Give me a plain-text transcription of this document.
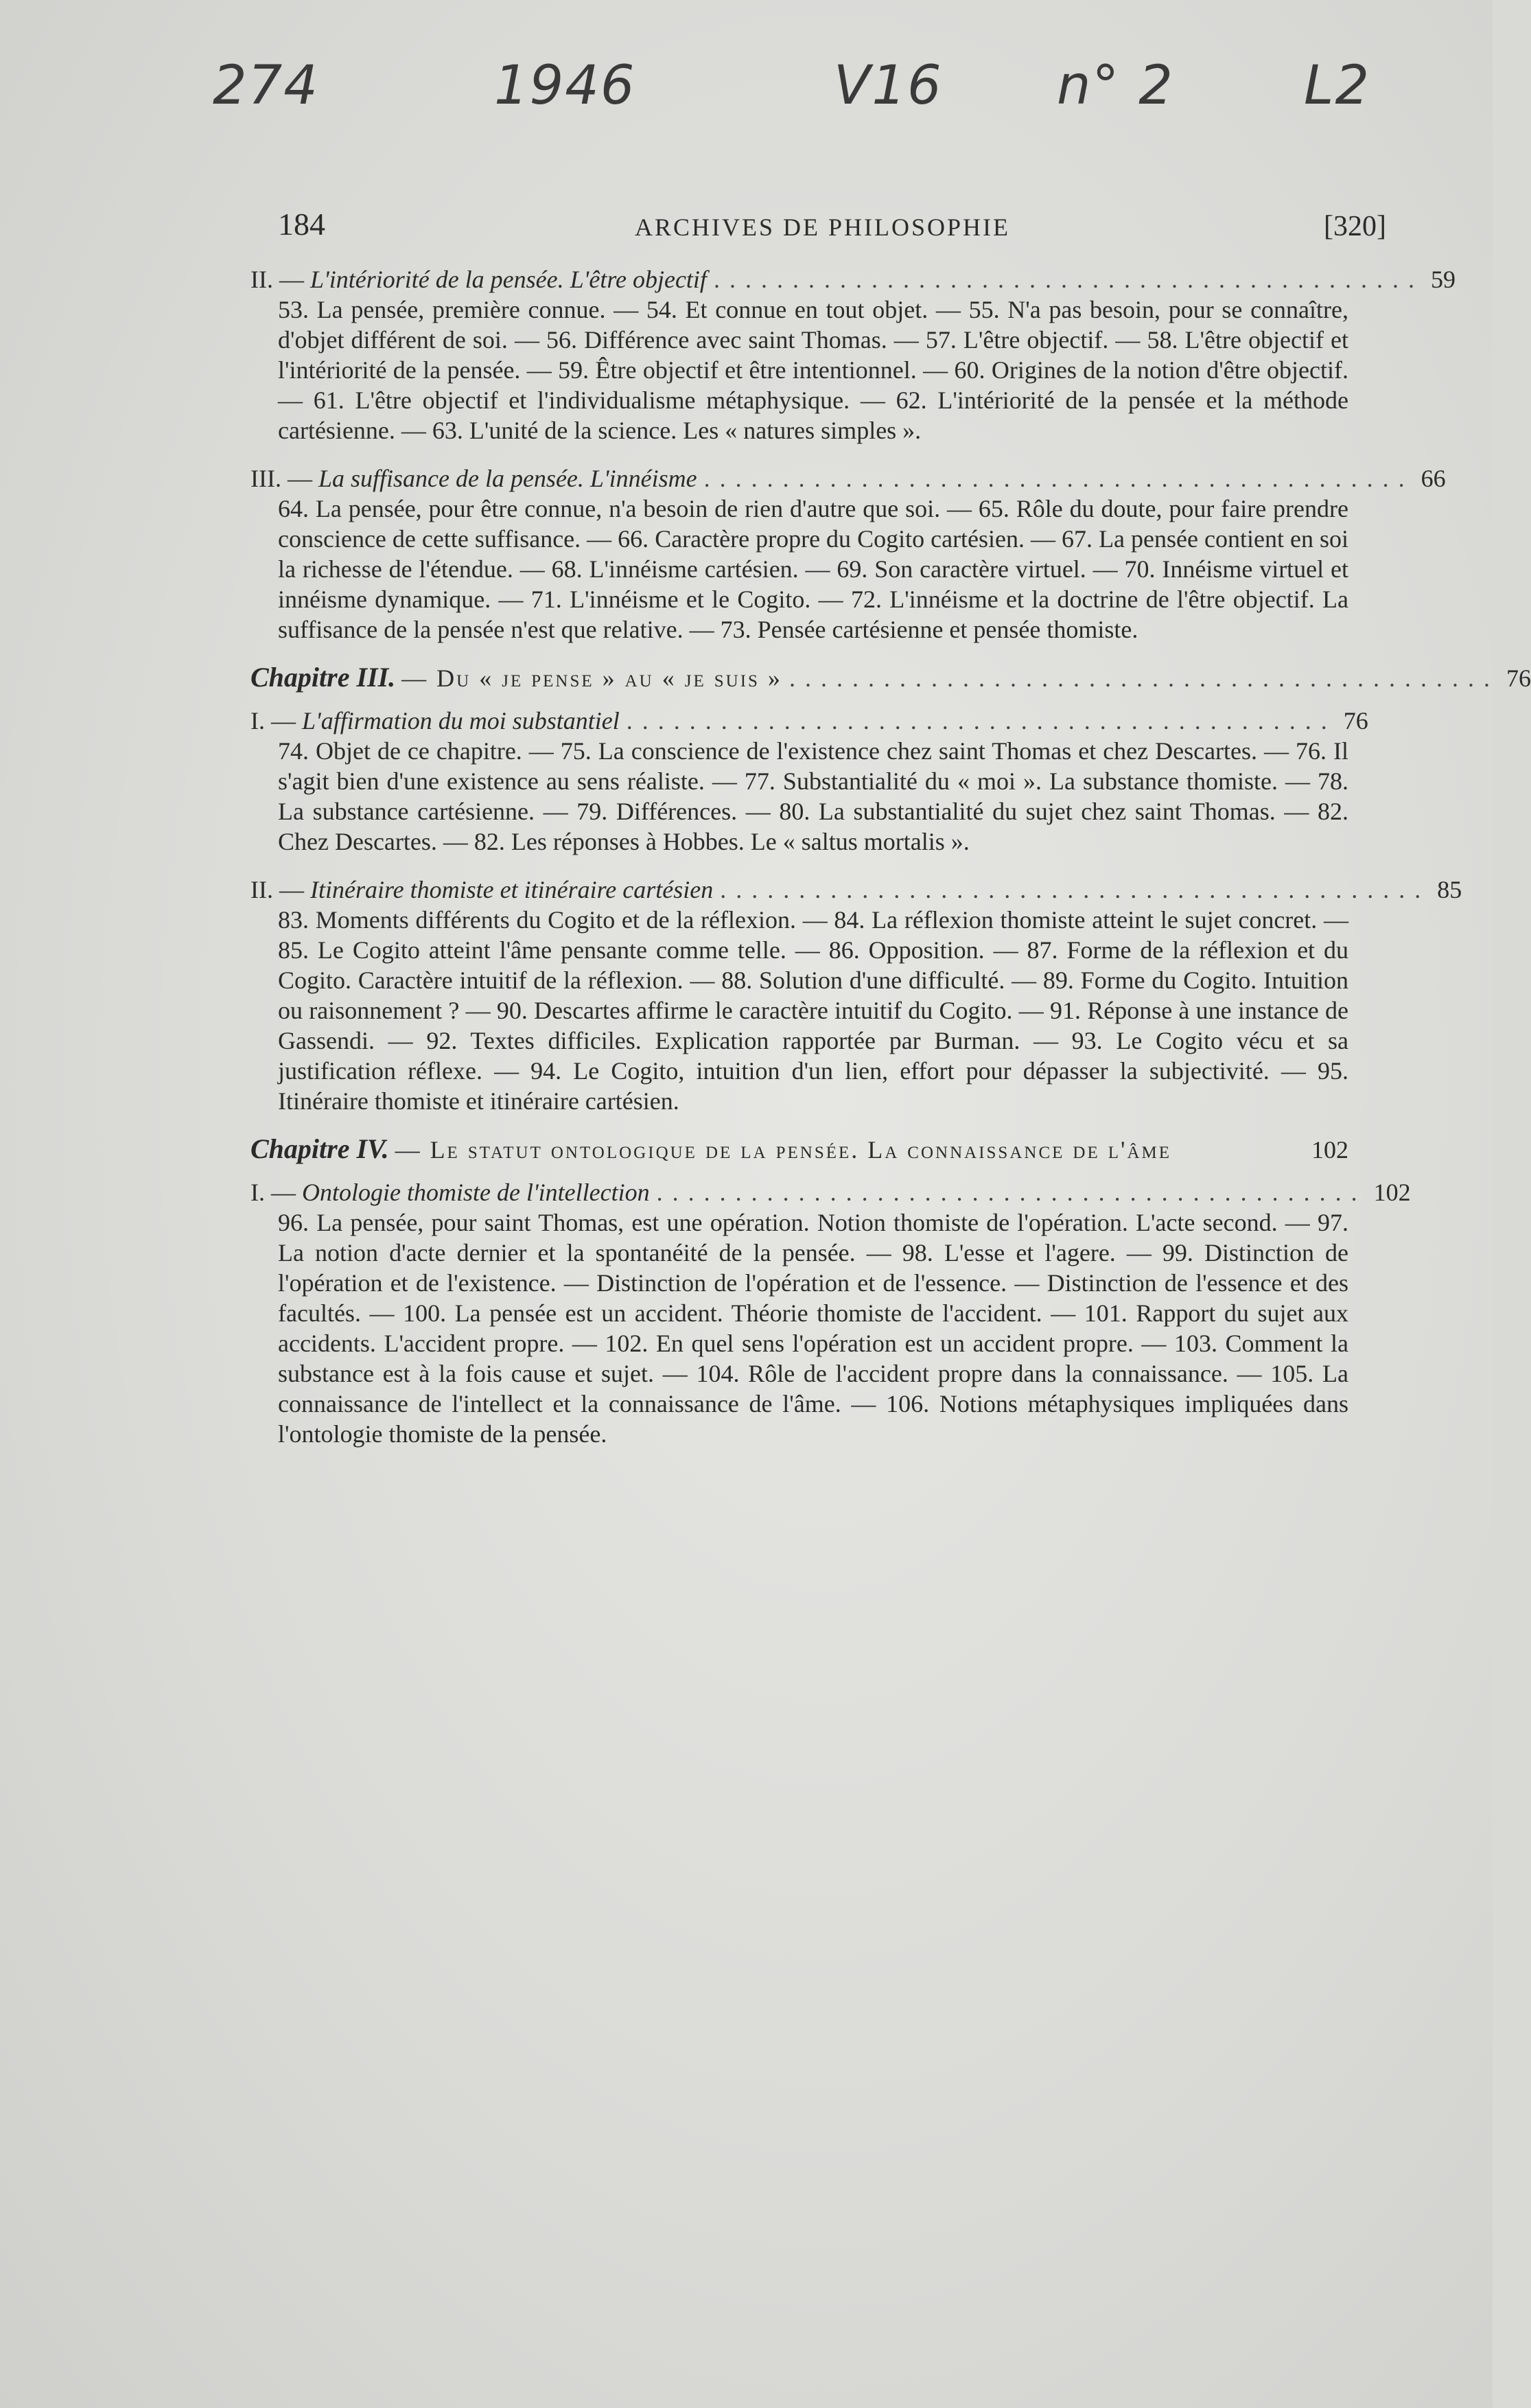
274	1946	V16 n° 2 L2
184	ARCHIVES DE PHILOSOPHIE	[320]
II. — L'intériorité de la pensée. L'être objectif ............................................. 59
53. La pensée, première connue. — 54. Et connue en tout objet. — 55. N'a pas besoin, pour se connaître, d'objet différent de soi. — 56. Différence avec saint Thomas. — 57. L'être objectif. — 58. L'être objectif et l'intériorité de la pensée. — 59. Être objectif et être intentionnel. — 60. Origines de la notion d'être objectif. — 61. L'être objectif et l'individualisme métaphysique. — 62. L'intériorité de la pensée et la méthode cartésienne. — 63. L'unité de la science. Les « natures simples ».
III. — La suffisance de la pensée. L'innéisme ............................................. 66
64. La pensée, pour être connue, n'a besoin de rien d'autre que soi. — 65. Rôle du doute, pour faire prendre conscience de cette suffisance. — 66. Caractère propre du Cogito cartésien. — 67. La pensée contient en soi la richesse de l'étendue. — 68. L'innéisme cartésien. — 69. Son caractère virtuel. — 70. Innéisme virtuel et innéisme dynamique. — 71. L'innéisme et le Cogito. — 72. L'innéisme et la doctrine de l'être objectif. La suffisance de la pensée n'est que relative. — 73. Pensée cartésienne et pensée thomiste.
Chapitre III. — Du « je pense » au « je suis » ............................................. 76
I. — L'affirmation du moi substantiel ............................................. 76
74. Objet de ce chapitre. — 75. La conscience de l'existence chez saint Thomas et chez Descartes. — 76. Il s'agit bien d'une existence au sens réaliste. — 77. Substantialité du « moi ». La substance thomiste. — 78. La substance cartésienne. — 79. Différences. — 80. La substantialité du sujet chez saint Thomas. — 82. Chez Descartes. — 82. Les réponses à Hobbes. Le « saltus mortalis ».
II. — Itinéraire thomiste et itinéraire cartésien ............................................. 85
83. Moments différents du Cogito et de la réflexion. — 84. La réflexion thomiste atteint le sujet concret. — 85. Le Cogito atteint l'âme pensante comme telle. — 86. Opposition. — 87. Forme de la réflexion et du Cogito. Caractère intuitif de la réflexion. — 88. Solution d'une difficulté. — 89. Forme du Cogito. Intuition ou raisonnement ? — 90. Descartes affirme le caractère intuitif du Cogito. — 91. Réponse à une instance de Gassendi. — 92. Textes difficiles. Explication rapportée par Burman. — 93. Le Cogito vécu et sa justification réflexe. — 94. Le Cogito, intuition d'un lien, effort pour dépasser la subjectivité. — 95. Itinéraire thomiste et itinéraire cartésien.
Chapitre IV. — Le statut ontologique de la pensée. La connaissance de l'âme	102
I. — Ontologie thomiste de l'intellection ............................................. 102
96. La pensée, pour saint Thomas, est une opération. Notion thomiste de l'opération. L'acte second. — 97. La notion d'acte dernier et la spontanéité de la pensée. — 98. L'esse et l'agere. — 99. Distinction de l'opération et de l'existence. — Distinction de l'opération et de l'essence. — Distinction de l'essence et des facultés. — 100. La pensée est un accident. Théorie thomiste de l'accident. — 101. Rapport du sujet aux accidents. L'accident propre. — 102. En quel sens l'opération est un accident propre. — 103. Comment la substance est à la fois cause et sujet. — 104. Rôle de l'accident propre dans la connaissance. — 105. La connaissance de l'intellect et la connaissance de l'âme. — 106. Notions métaphysiques impliquées dans l'ontologie thomiste de la pensée.
